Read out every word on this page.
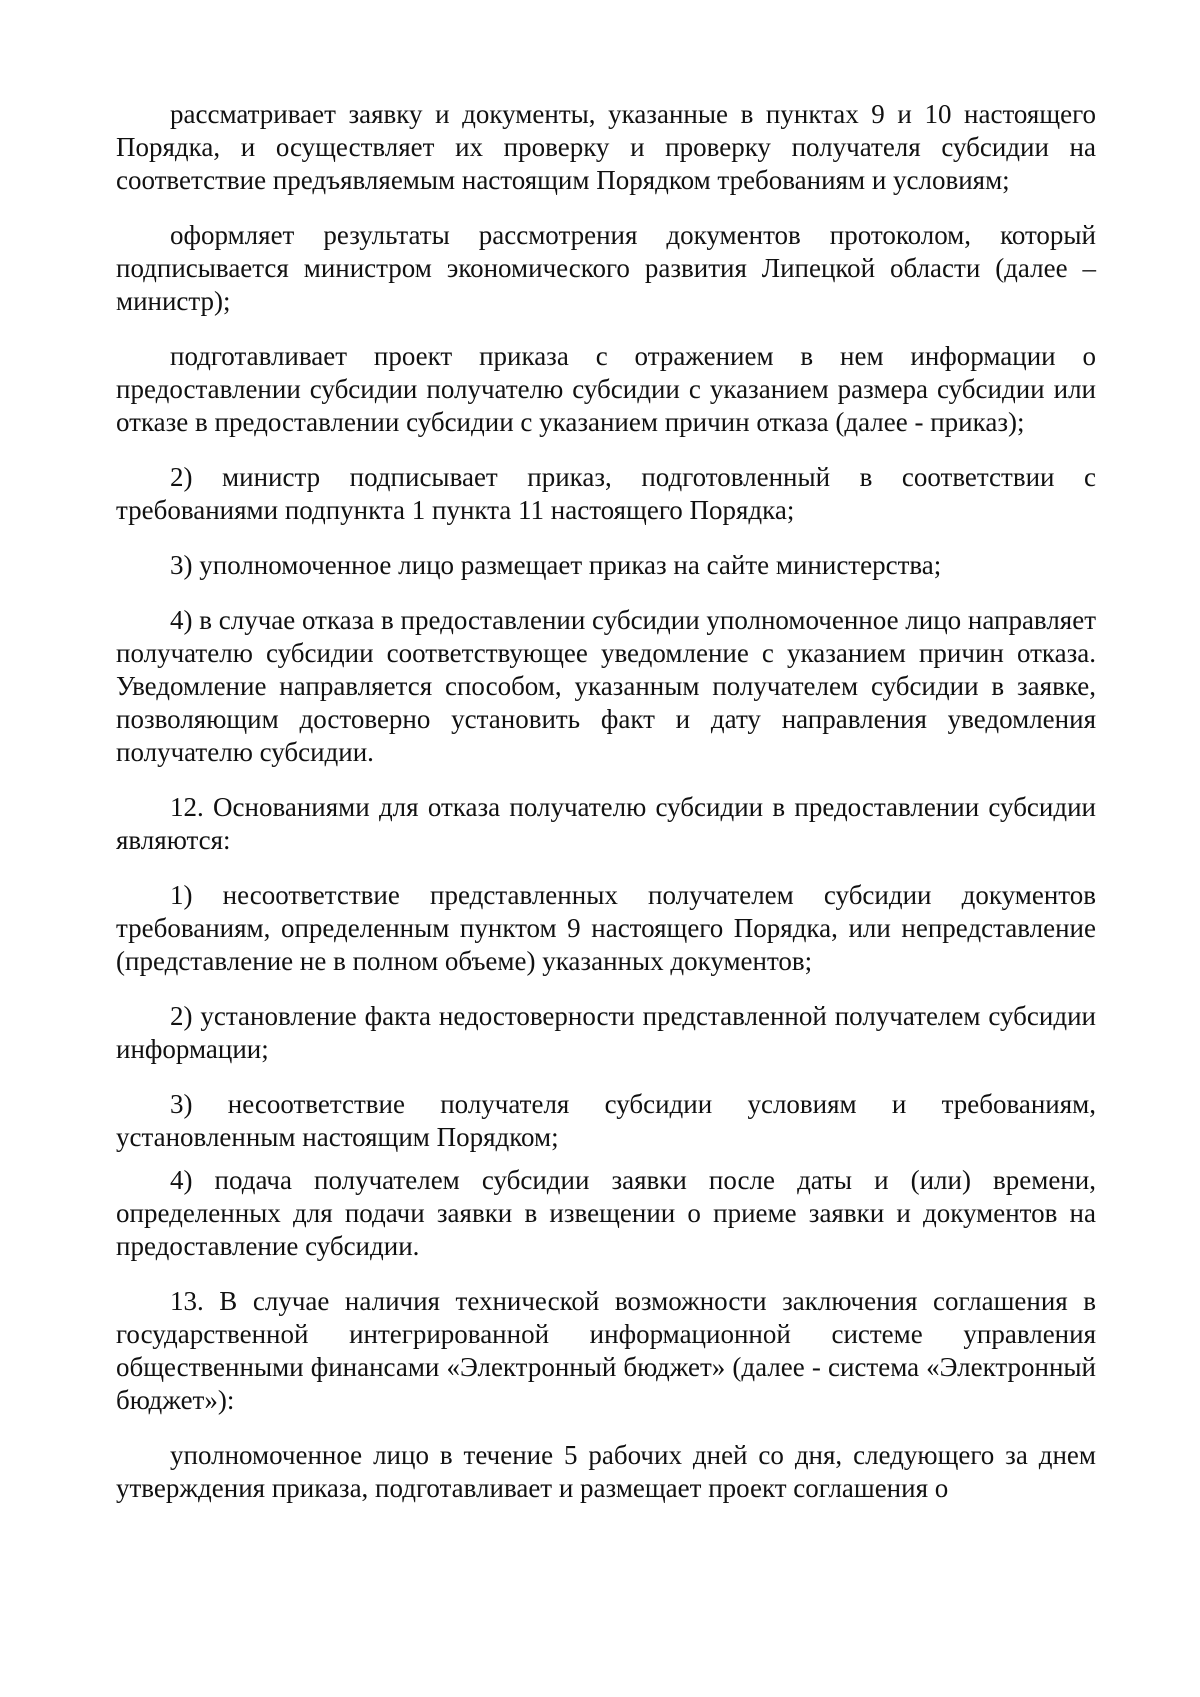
рассматривает заявку и документы, указанные в пунктах 9 и 10 настоящего Порядка, и осуществляет их проверку и проверку получателя субсидии на соответствие предъявляемым настоящим Порядком требованиям и условиям;

оформляет результаты рассмотрения документов протоколом, который подписывается министром экономического развития Липецкой области (далее – министр);

подготавливает проект приказа с отражением в нем информации о предоставлении субсидии получателю субсидии с указанием размера субсидии или отказе в предоставлении субсидии с указанием причин отказа (далее - приказ);

2) министр подписывает приказ, подготовленный в соответствии с требованиями подпункта 1 пункта 11 настоящего Порядка;

3) уполномоченное лицо размещает приказ на сайте министерства;

4) в случае отказа в предоставлении субсидии уполномоченное лицо направляет получателю субсидии соответствующее уведомление с указанием причин отказа. Уведомление направляется способом, указанным получателем субсидии в заявке, позволяющим достоверно установить факт и дату направления уведомления получателю субсидии.

12. Основаниями для отказа получателю субсидии в предоставлении субсидии являются:

1) несоответствие представленных получателем субсидии документов требованиям, определенным пунктом 9 настоящего Порядка, или непредставление (представление не в полном объеме) указанных документов;

2) установление факта недостоверности представленной получателем субсидии информации;

3) несоответствие получателя субсидии условиям и требованиям, установленным настоящим Порядком;

4) подача получателем субсидии заявки после даты и (или) времени, определенных для подачи заявки в извещении о приеме заявки и документов на предоставление субсидии.

13. В случае наличия технической возможности заключения соглашения в государственной интегрированной информационной системе управления общественными финансами «Электронный бюджет» (далее - система «Электронный бюджет»):

уполномоченное лицо в течение 5 рабочих дней со дня, следующего за днем утверждения приказа, подготавливает и размещает проект соглашения о
